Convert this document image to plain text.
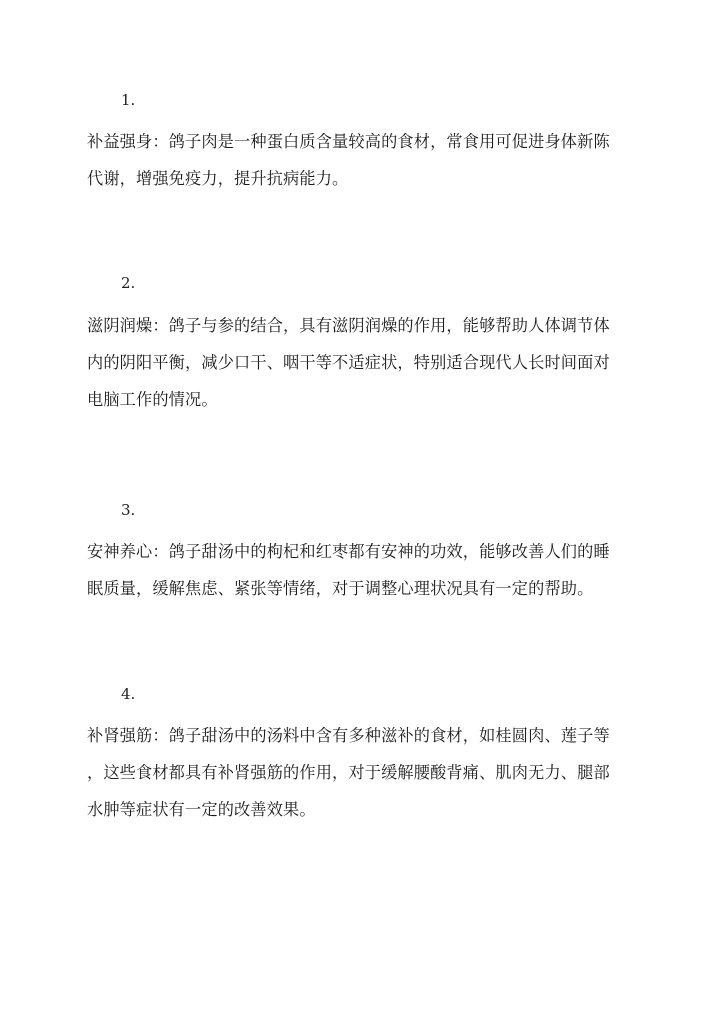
1.

补益强身：鸽子肉是一种蛋白质含量较高的食材，常食用可促进身体新陈
代谢，增强免疫力，提升抗病能力。

2.

滋阴润燥：鸽子与参的结合，具有滋阴润燥的作用，能够帮助人体调节体
内的阴阳平衡，减少口干、咽干等不适症状，特别适合现代人长时间面对
电脑工作的情况。

3.

安神养心：鸽子甜汤中的枸杞和红枣都有安神的功效，能够改善人们的睡
眠质量，缓解焦虑、紧张等情绪，对于调整心理状况具有一定的帮助。

4.

补肾强筋：鸽子甜汤中的汤料中含有多种滋补的食材，如桂圆肉、莲子等
，这些食材都具有补肾强筋的作用，对于缓解腰酸背痛、肌肉无力、腿部
水肿等症状有一定的改善效果。
